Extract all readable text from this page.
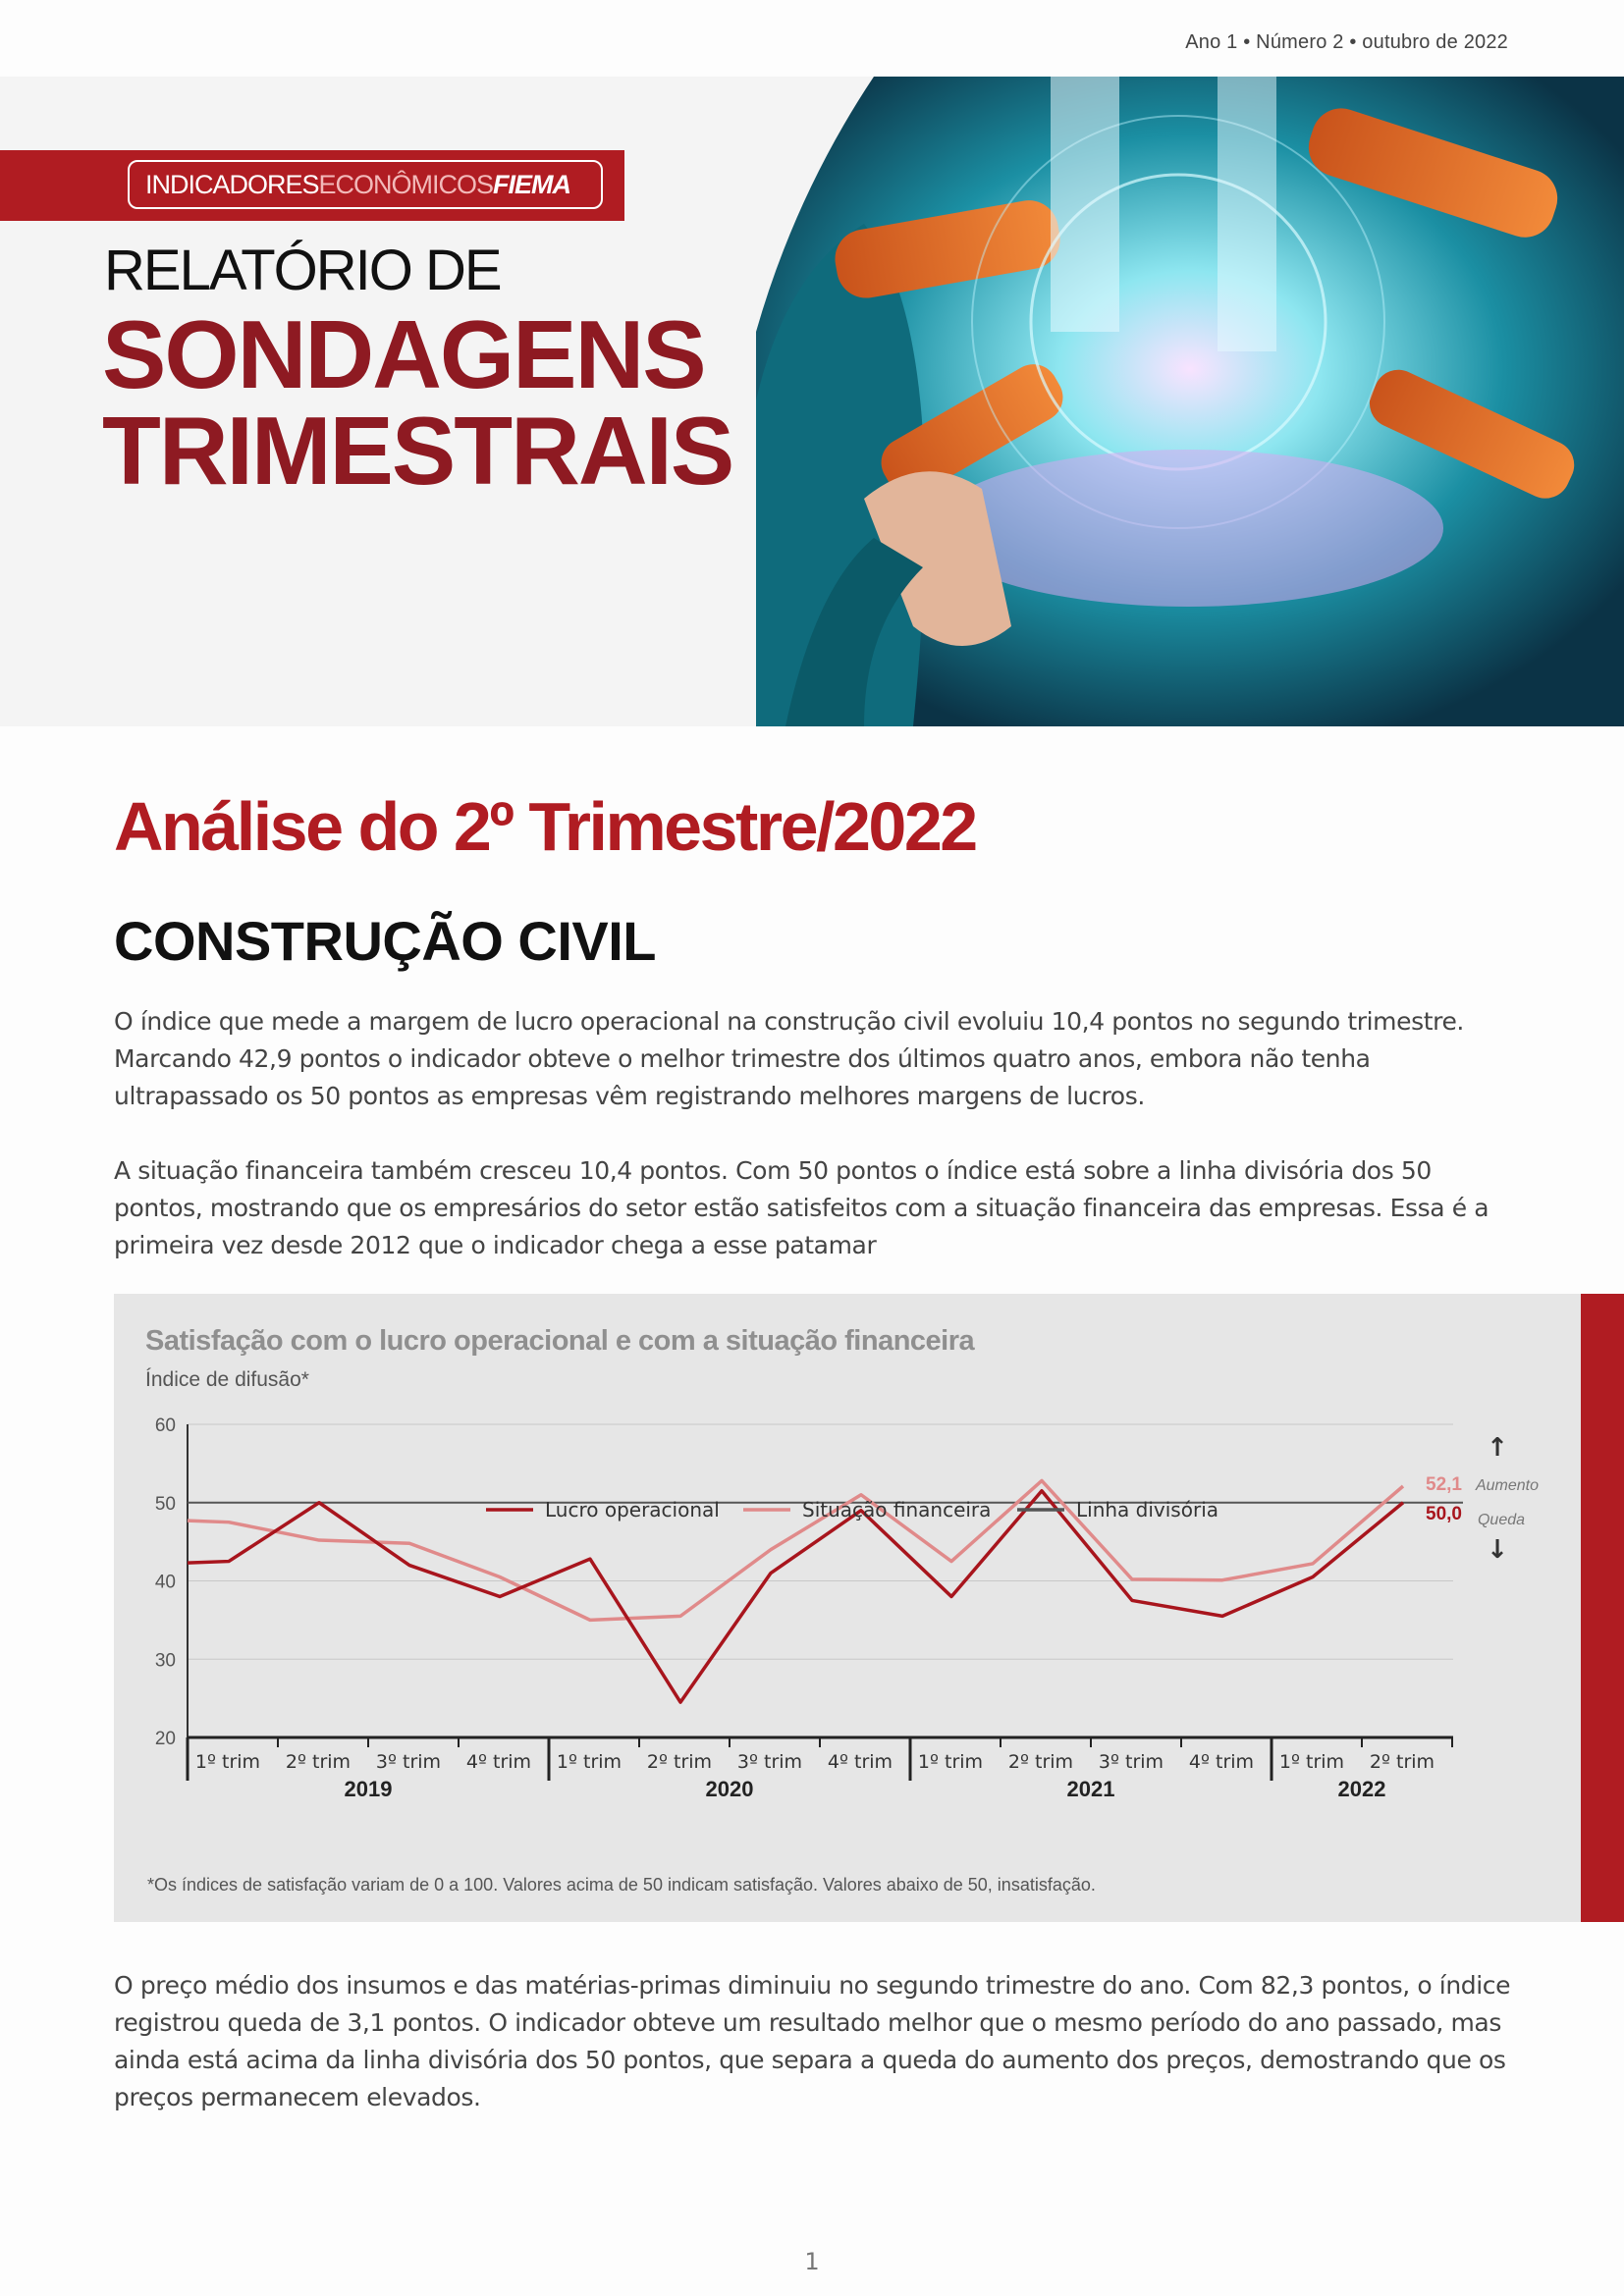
Ano 1 • Número 2 • outubro de 2022
INDICADORESECONÔMICOSFIEMA
RELATÓRIO DE
SONDAGENS
TRIMESTRAIS
Análise do 2º Trimestre/2022
CONSTRUÇÃO CIVIL
O índice que mede a margem de lucro operacional na construção civil evoluiu 10,4 pontos no segundo trimestre. Marcando 42,9 pontos o indicador obteve o melhor trimestre dos últimos quatro anos, embora não tenha ultrapassado os 50 pontos as empresas vêm registrando melhores margens de lucros.
A situação financeira também cresceu 10,4 pontos. Com 50 pontos o índice está sobre a linha divisória dos 50 pontos, mostrando que os empresários do setor estão satisfeitos com a situação financeira das empresas. Essa é a primeira vez desde 2012 que o indicador chega a esse patamar
Satisfação com o lucro operacional e com a situação financeira
Índice de difusão*
20
30
40
50
60
1º trim 2º trim 3º trim 4º trim 1º trim 2º trim 3º trim 4º trim 1º trim 2º trim 3º trim 4º trim 1º trim 2º trim
2019	2020	2021	2022
52,1
50,0
↑
Aumento
Queda
↓
Lucro operacional	Situação financeira	Linha divisória
*Os índices de satisfação variam de 0 a 100. Valores acima de 50 indicam satisfação. Valores abaixo de 50, insatisfação.
O preço médio dos insumos e das matérias-primas diminuiu no segundo trimestre do ano. Com 82,3 pontos, o índice registrou queda de 3,1 pontos. O indicador obteve um resultado melhor que o mesmo período do ano passado, mas ainda está acima da linha divisória dos 50 pontos, que separa a queda do aumento dos preços, demostrando que os preços permanecem elevados.
1
